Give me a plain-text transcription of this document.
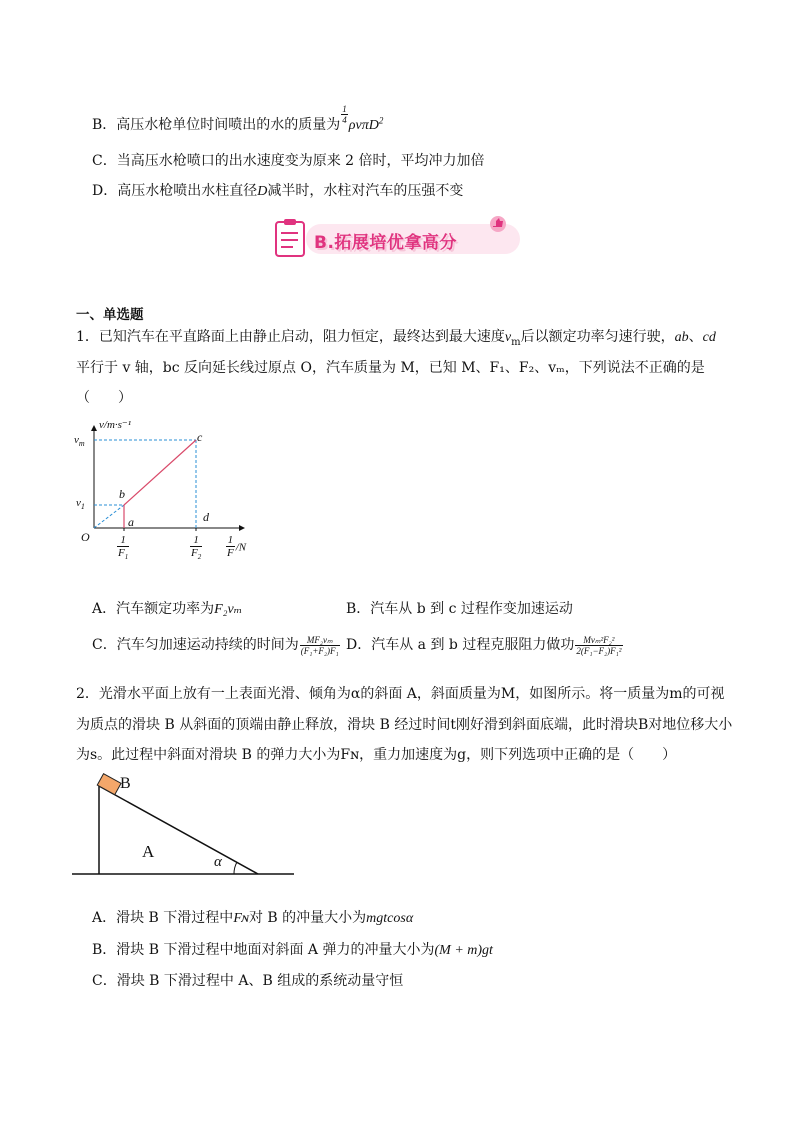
B．高压水枪单位时间喷出的水的质量为 $\frac{1}{4}$
ρvπD$^2$
C．当高压水枪喷口的出水速度变为原来 2 倍时，平均冲力加倍
D．高压水枪喷出水柱直径D减半时，水柱对汽车的压强不变
B.拓展培优拿高分
一、单选题
1．已知汽车在平直路面上由静止启动，阻力恒定，最终达到最大速度$v_m$后以额定功率匀速行驶，ab、cd
平行于 v 轴，bc 反向延长线过原点 O，汽车质量为 M，已知 M、F₁、F₂、vₘ，下列说法不正确的是
（　　）
v/m·s⁻¹
$v_m$
$v_1$
O
c
b
a	d
$\frac{1}{F_1}$	$\frac{1}{F_2} \frac{1}{F} /N$
A．汽车额定功率为F₂vₘ	B．汽车从 b 到 c 过程作变加速运动
C．汽车匀加速运动持续的时间为 $\frac{\text{MF₂vₘ}}{\text{(F₁+F₂)F₁}}$ D．汽车从 a 到 b 过程克服阻力做功 $\frac{\text{Mvₘ²F₂²}}{\text{2(F₁−F₂)F₁²}}$
2．光滑水平面上放有一上表面光滑、倾角为α的斜面 A，斜面质量为M，如图所示。将一质量为m的可视
为质点的滑块 B 从斜面的顶端由静止释放，滑块 B 经过时间t刚好滑到斜面底端，此时滑块B对地位移大小
为s。此过程中斜面对滑块 B 的弹力大小为Fɴ，重力加速度为g，则下列选项中正确的是（　　）
B
A
α
A．滑块 B 下滑过程中Fɴ对 B 的冲量大小为mgtcosα
B．滑块 B 下滑过程中地面对斜面 A 弹力的冲量大小为(M + m)gt
C．滑块 B 下滑过程中 A、B 组成的系统动量守恒
